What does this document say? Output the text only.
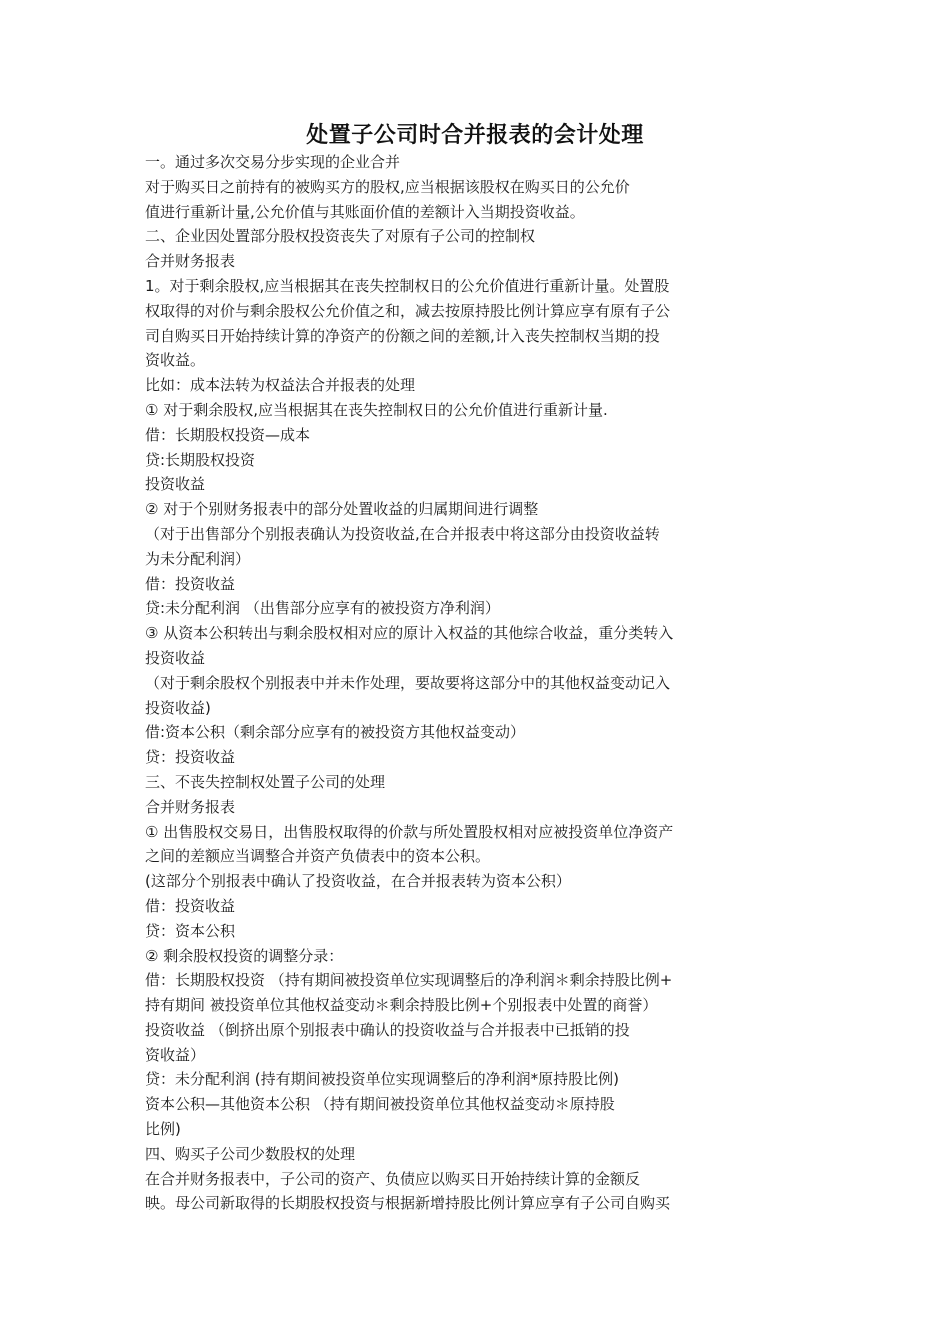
处置子公司时合并报表的会计处理
一。通过多次交易分步实现的企业合并
对于购买日之前持有的被购买方的股权,应当根据该股权在购买日的公允价
值进行重新计量,公允价值与其账面价值的差额计入当期投资收益。
二、企业因处置部分股权投资丧失了对原有子公司的控制权
合并财务报表
1。对于剩余股权,应当根据其在丧失控制权日的公允价值进行重新计量。处置股
权取得的对价与剩余股权公允价值之和，减去按原持股比例计算应享有原有子公
司自购买日开始持续计算的净资产的份额之间的差额,计入丧失控制权当期的投
资收益。
比如：成本法转为权益法合并报表的处理
① 对于剩余股权,应当根据其在丧失控制权日的公允价值进行重新计量.
借：长期股权投资—成本
贷:长期股权投资
投资收益
② 对于个别财务报表中的部分处置收益的归属期间进行调整
（对于出售部分个别报表确认为投资收益,在合并报表中将这部分由投资收益转
为未分配利润）
借：投资收益
贷:未分配利润 （出售部分应享有的被投资方净利润）
③ 从资本公积转出与剩余股权相对应的原计入权益的其他综合收益，重分类转入
投资收益
（对于剩余股权个别报表中并未作处理，要故要将这部分中的其他权益变动记入
投资收益)
借:资本公积（剩余部分应享有的被投资方其他权益变动）
贷：投资收益
三、不丧失控制权处置子公司的处理
合并财务报表
① 出售股权交易日，出售股权取得的价款与所处置股权相对应被投资单位净资产
之间的差额应当调整合并资产负债表中的资本公积。
(这部分个别报表中确认了投资收益，在合并报表转为资本公积）
借：投资收益
贷：资本公积
② 剩余股权投资的调整分录：
借：长期股权投资 （持有期间被投资单位实现调整后的净利润＊剩余持股比例+
持有期间 被投资单位其他权益变动＊剩余持股比例+个别报表中处置的商誉）
投资收益 （倒挤出原个别报表中确认的投资收益与合并报表中已抵销的投
资收益）
贷：未分配利润 (持有期间被投资单位实现调整后的净利润*原持股比例)
资本公积—其他资本公积 （持有期间被投资单位其他权益变动＊原持股
比例)
四、购买子公司少数股权的处理
在合并财务报表中，子公司的资产、负债应以购买日开始持续计算的金额反
映。母公司新取得的长期股权投资与根据新增持股比例计算应享有子公司自购买
